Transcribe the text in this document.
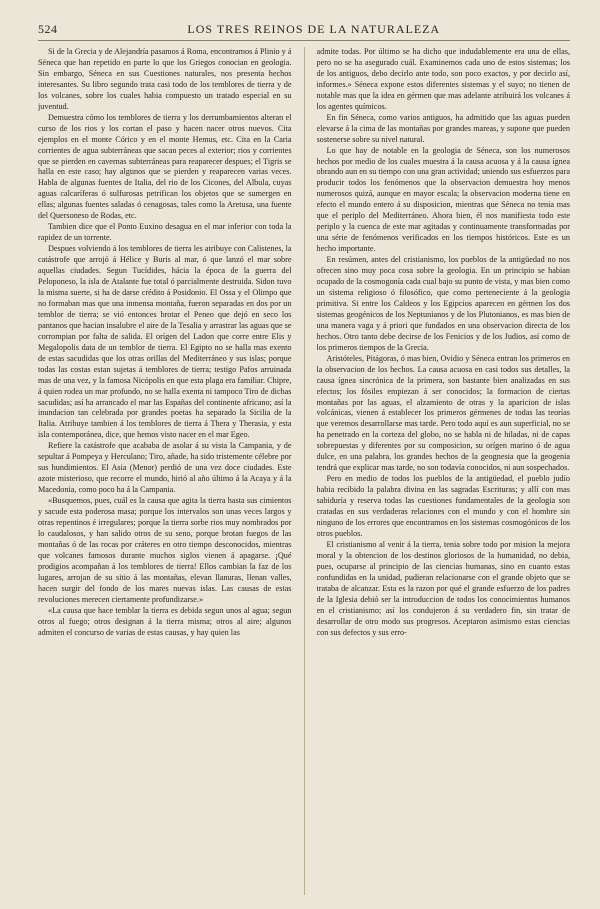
524	LOS TRES REINOS DE LA NATURALEZA

Si de la Grecia y de Alejandría pasamos á Roma, encontramos á Plinio y á Séneca que han repetido en parte lo que los Griegos conocian en geologia. Sin embargo, Séneca en sus Cuestiones naturales, nos presenta hechos interesantes. Su libro segundo trata casi todo de los temblores de tierra y de los volcanes, sobre los cuales habia compuesto un tratado especial en su juventud.

Demuestra cómo los temblores de tierra y los derrumbamientos alteran el curso de los rios y los cortan el paso y hacen nacer otros nuevos. Cita ejemplos en el monte Córico y en el monte Hemus, etc. Cita en la Caria corrientes de agua subterráneas que sacan peces al exterior; rios y corrientes que se pierden en cavernas subterráneas para reaparecer despues; el Tigris se halla en este caso; hay algunos que se pierden y reaparecen varias veces. Habla de algunas fuentes de Italia, del rio de los Cicones, del Albula, cuyas aguas calcaríferas ó sulfurosas petrifican los objetos que se sumergen en ellas; algunas fuentes saladas ó cenagosas, tales como la Aretusa, una fuente del Quersoneso de Rodas, etc.

Tambien dice que el Ponto Euxino desagua en el mar inferior con toda la rapidez de un torrente.

Despues volviendo á los temblores de tierra les atribuye con Calistenes, la catástrofe que arrojó á Hélice y Buris al mar, ó que lanzó el mar sobre aquellas ciudades. Segun Tucídides, hácia la época de la guerra del Peloponeso, la isla de Atalante fue total ó parcialmente destruida. Sidon tuvo la misma suerte, si ha de darse crédito á Posidonio. El Ossa y el Olimpo que no formaban mas que una inmensa montaña, fueron separadas en dos por un temblor de tierra; se vió entonces brotar el Peneo que dejó en seco los pantanos que hacian insalubre el aire de la Tesalia y arrastrar las aguas que se corrompian por falta de salida. El orígen del Ladon que corre entre Elis y Megalopolis data de un temblor de tierra. El Egipto no se halla mas exento de estas sacudidas que los otras orillas del Mediterráneo y sus islas; porque todas las costas estan sujetas á temblores de tierra; testigo Pafos arruinada mas de una vez, y la famosa Nicópolis en que esta plaga era familiar. Chipre, á quien rodea un mar profundo, no se halla exenta ni tampoco Tiro de dichas sacudidas; así ha arrancado el mar las Españas del continente africano; así la inundacion tan celebrada por grandes poetas ha separado la Sicilia de la Italia. Atribuye tambien á los temblores de tierra á Thera y Therasia, y esta isla contemporánea, dice, que hemos visto nacer en el mar Egeo.

Refiere la catástrofe que acababa de asolar á su vista la Campania, y de sepultar á Pompeya y Herculano; Tiro, añade, ha sido tristemente célebre por sus hundimientos. El Asia (Menor) perdió de una vez doce ciudades. Este azote misterioso, que recorre el mundo, hirió al año último á la Acaya y á la Macedonia, como poco ha á la Campania.

«Busquemos, pues, cuál es la causa que agita la tierra hasta sus cimientos y sacude esta poderosa masa; porque los intervalos son unas veces largos y otras repentinos é irregulares; porque la tierra sorbe rios muy nombrados por lo caudalosos, y han salido otros de su seno, porque brotan fuegos de las montañas ó de las rocas por cráteres en otro tiempo desconocidos, mientras que volcanes famosos durante muchos siglos vienen á apagarse. ¡Qué prodigios acompañan á los temblores de tierra! Ellos cambian la faz de los lugares, arrojan de su sitio á las montañas, elevan llanuras, llenan valles, hacen surgir del fondo de los mares nuevas islas. Las causas de estas revoluciones merecen ciertamente profundizarse.»

«La causa que hace temblar la tierra es debida segun unos al agua; segun otros al fuego; otros designan á la tierra misma; otros al aire; algunos admiten el concurso de varias de estas causas, y hay quien las

admite todas. Por último se ha dicho que indudablemente era una de ellas, pero no se ha asegurado cuál. Examinemos cada uno de estos sistemas; los de los antiguos, debo decirlo ante todo, son poco exactos, y por decirlo así, informes.» Séneca expone estos diferentes sistemas y el suyo; no tienen de notable mas que la idea en gérmen que mas adelante atribuirá los volcanes á los agentes químicos.

En fin Séneca, como varios antiguos, ha admitido que las aguas pueden elevarse á la cima de las montañas por grandes mareas, y supone que pueden sostenerse sobre su nivel natural.

Lo que hay de notable en la geologia de Séneca, son los numerosos hechos por medio de los cuales muestra á la causa acuosa y á la causa ígnea obrando aun en su tiempo con una gran actividad; uniendo sus esfuerzos para producir todos los fenómenos que la observacion demuestra hoy menos numerosos quizá, aunque en mayor escala; la observacion moderna tiene en efecto el mundo entero á su disposicion, mientras que Séneca no tenia mas que el periplo del Mediterráneo. Ahora bien, él nos manifiesta todo este periplo y la cuenca de este mar agitadas y continuamente transformadas por una série de fenómenos verificados en los tiempos históricos. Este es un hecho importante.

En resúmen, antes del cristianismo, los pueblos de la antigüedad no nos ofrecen sino muy poca cosa sobre la geologia. En un principio se habian ocupado de la cosmogonía cada cual bajo su punto de vista, y mas bien como un sistema religioso ó filosófico, que como perteneciente á la geologia primitiva. Si entre los Caldeos y los Egipcios aparecen en gérmen los dos sistemas geogénicos de los Neptunianos y de los Plutonianos, es mas bien de una manera vaga y á priori que fundados en una observacion directa de los hechos. Otro tanto debe decirse de los Fenicios y de los Judios, así como de los primeros tiempos de la Grecia.

Aristóteles, Pitágoras, ó mas bien, Ovidio y Séneca entran los primeros en la observacion de los hechos. La causa acuosa en casi todos sus detalles, la causa ígnea sincrónica de la primera, son bastante bien analizadas en sus efectos; los fósiles empiezan á ser conocidos; la formacion de ciertas montañas por las aguas, el alzamiento de otras y la aparicion de islas volcánicas, vienen á establecer los primeros gérmenes de todas las teorías que veremos desarrollarse mas tarde. Pero todo aquí es aun superficial, no se ha penetrado en la corteza del globo, no se habla ni de hiladas, ni de capas sobrepuestas y diferentes por su composicion, su orígen marino ó de agua dulce, en una palabra, los grandes hechos de la geognesia que la geogenia tendrá que explicar mas tarde, no son todavía conocidos, ni aun sospechados.

Pero en medio de todos los pueblos de la antigüedad, el pueblo judío habia recibido la palabra divina en las sagradas Escrituras; y allí con mas sabiduría y reserva todas las cuestiones fundamentales de la geologia son cratadas en sus verdaderas relaciones con el mundo y con el hombre sin ninguno de los errores que encontramos en los sistemas cosmogónicos de los otros pueblos.

El cristianismo al venir á la tierra, tenia sobre todo por mision la mejora moral y la obtencion de los destinos gloriosos de la humanidad, no debia, pues, ocuparse al principio de las ciencias humanas, sino en cuanto estas confundidas en la unidad, pudieran relacionarse con el grande objeto que se trataba de alcanzar. Esta es la razon por qué el grande esfuerzo de los padres de la Iglesia debió ser la introduccion de todos los conocimientos humanos en el cristianismo; así los condujeron á su verdadero fin, sin tratar de desarrollar de otro modo sus progresos. Aceptaron asimismo estas ciencias con sus defectos y sus erro-
